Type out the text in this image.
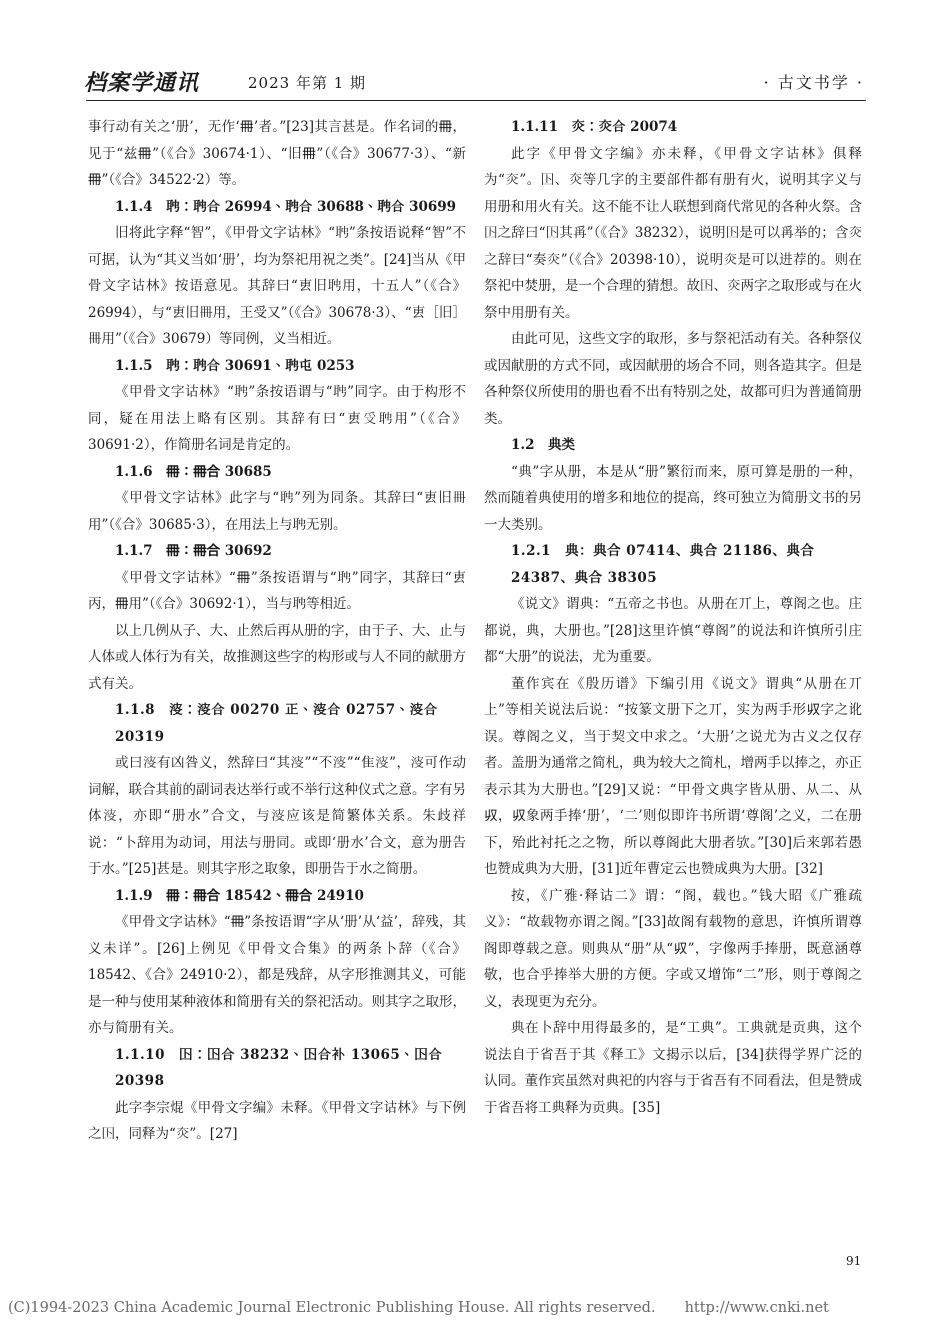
档案学通讯	2023 年第 1 期	· 古文书学 ·

事行动有关之‘册’，无作‘𠕋’者。”[23]其言甚是。作名词的𠕋，见于“兹𠕋”（《合》30674·1）、“旧𠕋”（《合》30677·3）、“新𠕋”（《合》34522·2）等。

1.1.4　𦕊：𦕊合 26994、𦕊合 30688、𦕊合 30699

旧将此字释“智”，《甲骨文字诂林》“𦕊”条按语说释“智”不可据，认为“其义当如‘册’，均为祭祀用祝之类”。[24]当从《甲骨文字诂林》按语意见。其辞曰“叀旧𦕊用，十五人”（《合》26994），与“叀旧𠕋用，王受又”（《合》30678·3）、“叀［旧］𠕋用”（《合》30679）等同例，义当相近。

1.1.5　𦕊：𦕊合 30691、𦕊屯 0253

《甲骨文字诂林》“𦕊”条按语谓与“𦕊”同字。由于构形不同，疑在用法上略有区别。其辞有曰“叀𠬪𦕊用”（《合》30691·2），作简册名词是肯定的。

1.1.6　𠕋：𠕋合 30685

《甲骨文字诂林》此字与“𦕊”列为同条。其辞曰“叀旧𠕋用”（《合》30685·3），在用法上与𦕊无别。

1.1.7　𠕋：𠕋合 30692

《甲骨文字诂林》“𠕋”条按语谓与“𦕊”同字，其辞曰“叀丙，𠕋用”（《合》30692·1），当与𦕊等相近。

以上几例从子、大、止然后再从册的字，由于子、大、止与人体或人体行为有关，故推测这些字的构形或与人不同的献册方式有关。

1.1.8　𣸈：𣸈合 00270 正、𣸈合 02757、𣸈合 20319

或曰𣸈有凶咎义，然辞曰“其𣸈”“不𣸈”“隹𣸈”，𣸈可作动词解，联合其前的副词表达举行或不举行这种仪式之意。字有另体𣸈，亦即“册水”合文，与𣸈应该是简繁体关系。朱歧祥说：“卜辞用为动词，用法与册同。或即‘册水’合文，意为册告于水。”[25]甚是。则其字形之取象，即册告于水之简册。

1.1.9　𠕋：𠕋合 18542、𠕋合 24910

《甲骨文字诂林》“𠕋”条按语谓“字从‘册’从‘益’，辞残，其义未详”。[26]上例见《甲骨文合集》的两条卜辞（《合》18542、《合》24910·2），都是残辞，从字形推测其义，可能是一种与使用某种液体和简册有关的祭祀活动。则其字之取形，亦与简册有关。

1.1.10　𡆥：𡆥合 38232、𡆥合补 13065、𡆥合 20398

此字李宗焜《甲骨文字编》未释。《甲骨文字诂林》与下例之𡆥，同释为“𤆍”。[27]

1.1.11　𤆍：𤆍合 20074

此字《甲骨文字编》亦未释，《甲骨文字诂林》俱释为“𤆍”。𡆥、𤆍等几字的主要部件都有册有火，说明其字义与用册和用火有关。这不能不让人联想到商代常见的各种火祭。含𡆥之辞曰“𡆥其爯”（《合》38232），说明𡆥是可以爯举的；含𤆍之辞曰“奏𤆍”（《合》20398·10），说明𤆍是可以进荐的。则在祭祀中焚册，是一个合理的猜想。故𡆥、𤆍两字之取形或与在火祭中用册有关。

由此可见，这些文字的取形，多与祭祀活动有关。各种祭仪或因献册的方式不同，或因献册的场合不同，则各造其字。但是各种祭仪所使用的册也看不出有特别之处，故都可归为普通简册类。

1.2　典类

“典”字从册，本是从“册”繁衍而来，原可算是册的一种，然而随着典使用的增多和地位的提高，终可独立为简册文书的另一大类别。

1.2.1　典：典合 07414、典合 21186、典合 24387、典合 38305

《说文》谓典：“五帝之书也。从册在丌上，尊阁之也。庄都说，典，大册也。”[28]这里许慎“尊阁”的说法和许慎所引庄都“大册”的说法，尤为重要。

董作宾在《殷历谱》下编引用《说文》谓典“从册在丌上”等相关说法后说：“按篆文册下之丌，实为两手形𠬞字之讹误。尊阁之义，当于契文中求之。‘大册’之说尤为古义之仅存者。盖册为通常之简札，典为较大之简札，增两手以捧之，亦正表示其为大册也。”[29]又说：“甲骨文典字皆从册、从二、从𠬞，𠬞象两手捧‘册’，‘二’则似即许书所谓‘尊阁’之义，二在册下，殆此衬托之之物，所以尊阁此大册者欤。”[30]后来郭若愚也赞成典为大册，[31]近年曹定云也赞成典为大册。[32]

按，《广雅·释诂二》谓：“阁，载也。”钱大昭《广雅疏义》：“故载物亦谓之阁。”[33]故阁有载物的意思，许慎所谓尊阁即尊载之意。则典从“册”从“𠬞”，字像两手捧册，既意涵尊敬，也合乎捧举大册的方便。字或又增饰“二”形，则于尊阁之义，表现更为充分。

典在卜辞中用得最多的，是“工典”。工典就是贡典，这个说法自于省吾于其《释工》文揭示以后，[34]获得学界广泛的认同。董作宾虽然对典祀的内容与于省吾有不同看法，但是赞成于省吾将工典释为贡典。[35]

91
(C)1994-2023 China Academic Journal Electronic Publishing House. All rights reserved.　　http://www.cnki.net
